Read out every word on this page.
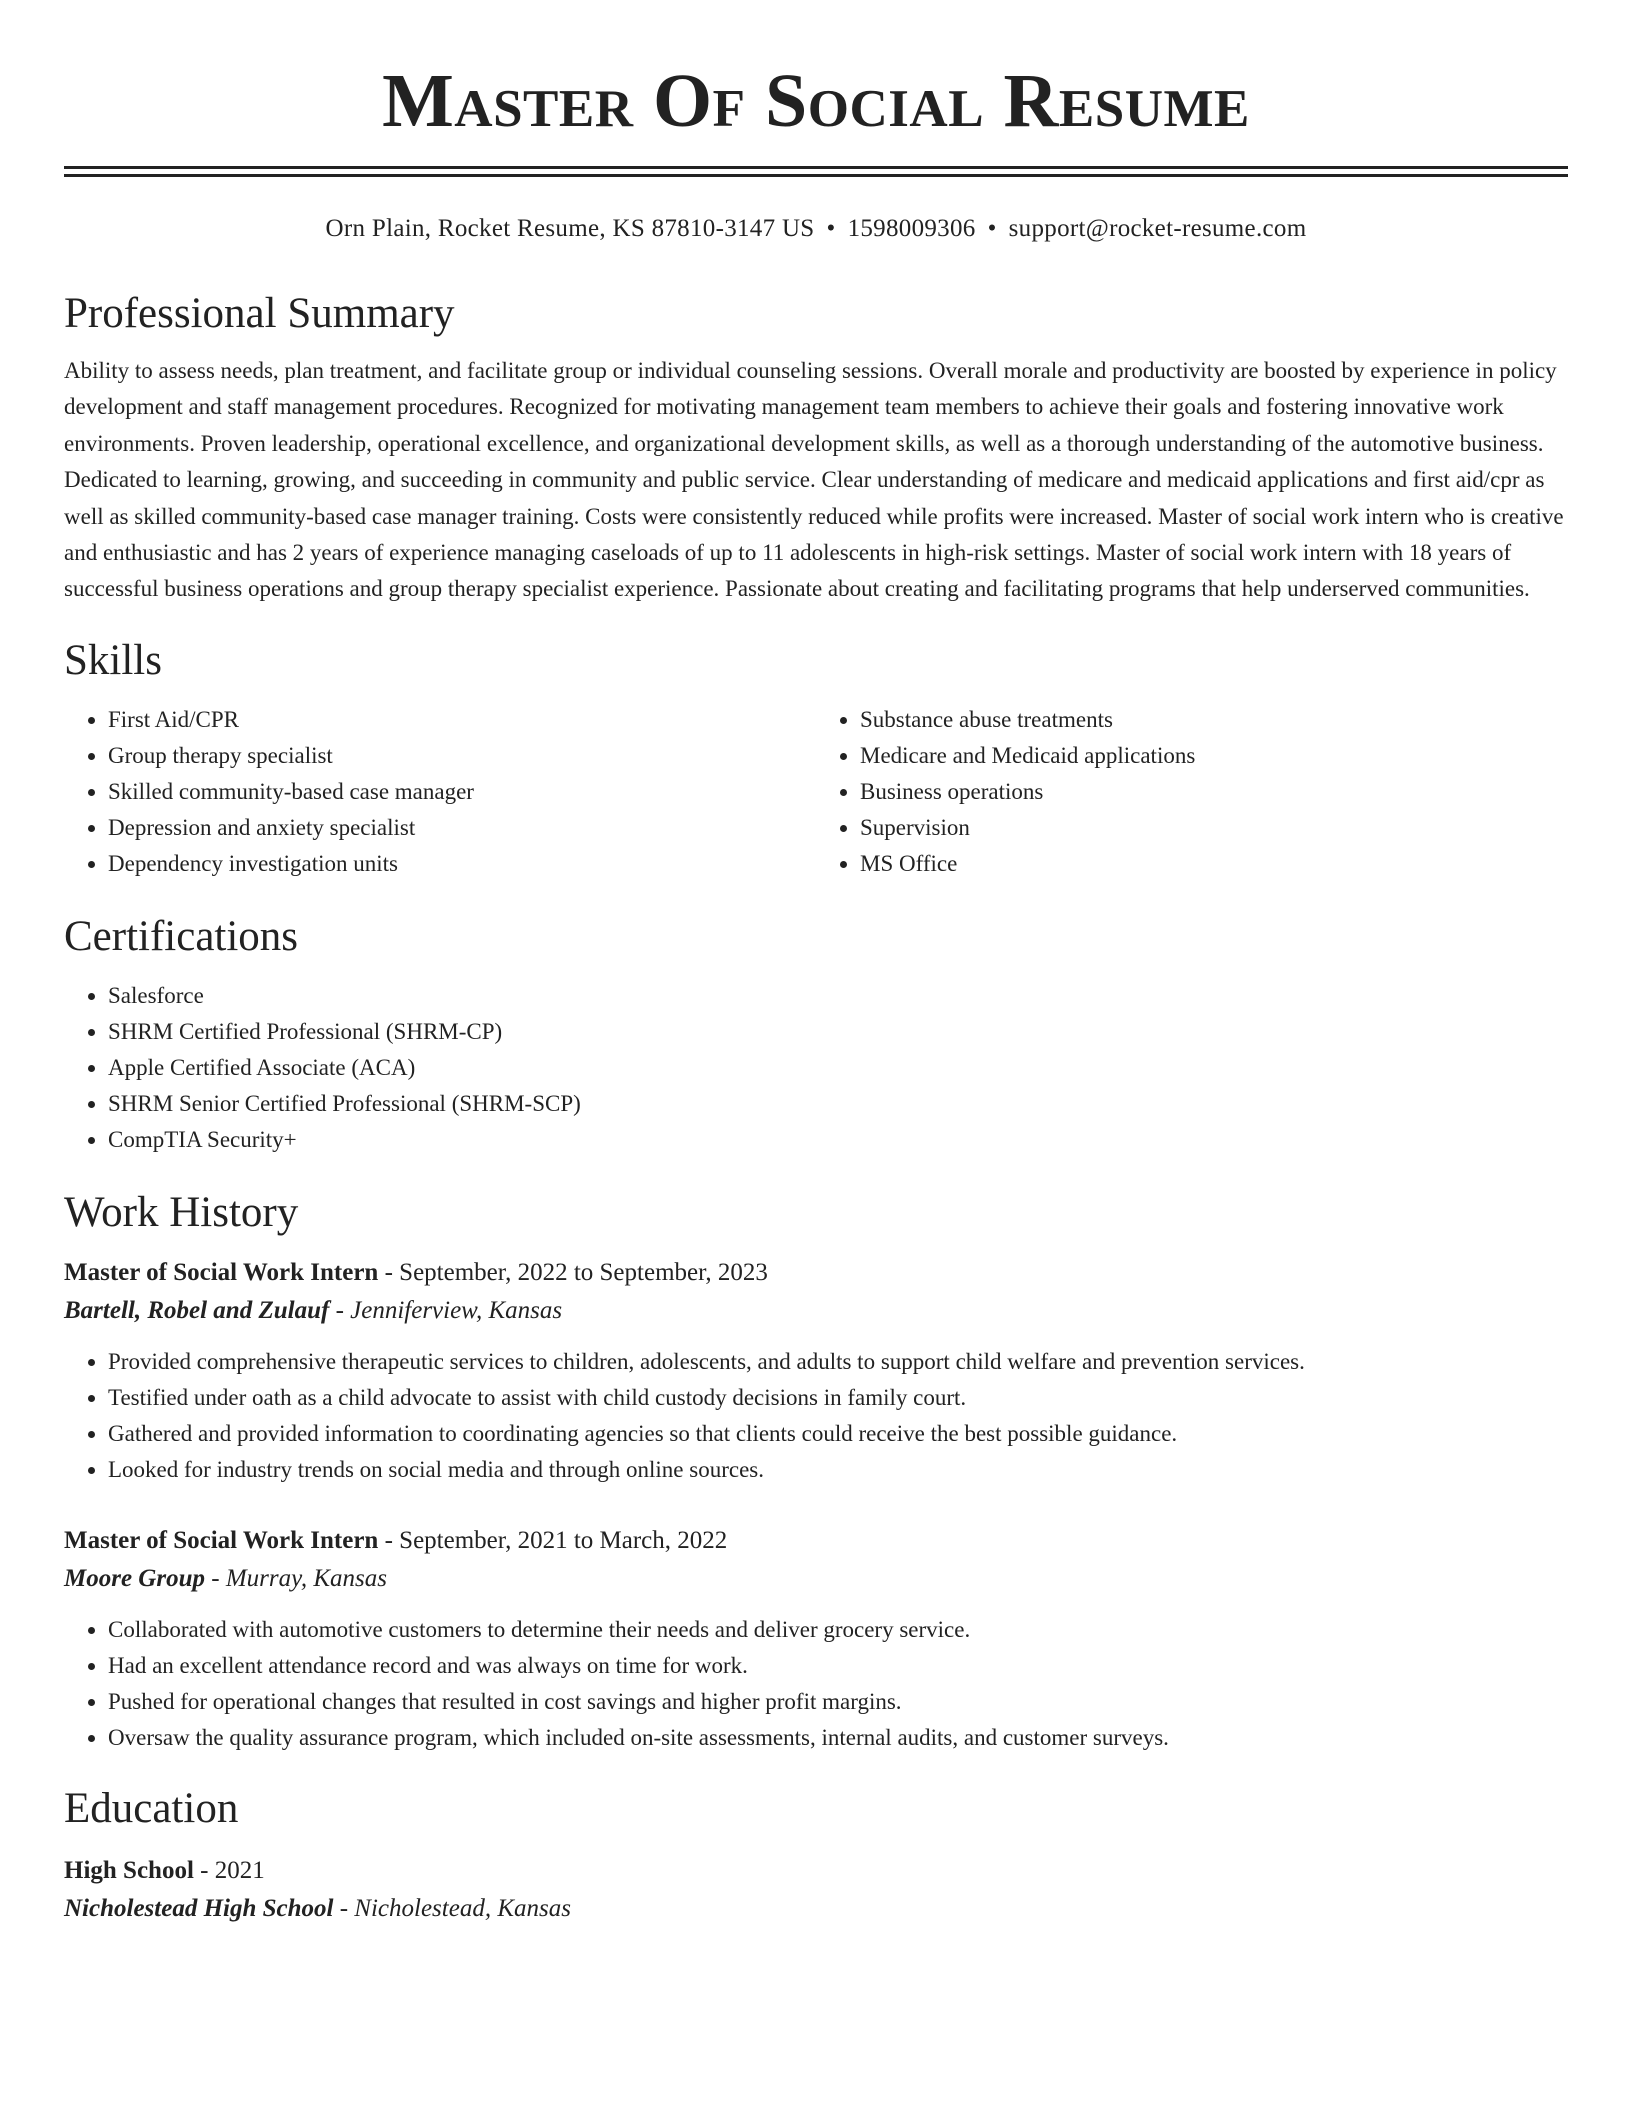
Master Of Social Resume
Orn Plain, Rocket Resume, KS 87810-3147 US • 1598009306 • support@rocket-resume.com
Professional Summary

Ability to assess needs, plan treatment, and facilitate group or individual counseling sessions. Overall morale and productivity are boosted by experience in policy development and staff management procedures. Recognized for motivating management team members to achieve their goals and fostering innovative work environments. Proven leadership, operational excellence, and organizational development skills, as well as a thorough understanding of the automotive business. Dedicated to learning, growing, and succeeding in community and public service. Clear understanding of medicare and medicaid applications and first aid/cpr as well as skilled community-based case manager training. Costs were consistently reduced while profits were increased. Master of social work intern who is creative and enthusiastic and has 2 years of experience managing caseloads of up to 11 adolescents in high-risk settings. Master of social work intern with 18 years of successful business operations and group therapy specialist experience. Passionate about creating and facilitating programs that help underserved communities.

Skills
• First Aid/CPR
• Group therapy specialist
• Skilled community-based case manager
• Depression and anxiety specialist
• Dependency investigation units
• Substance abuse treatments
• Medicare and Medicaid applications
• Business operations
• Supervision
• MS Office
Certifications
• Salesforce
• SHRM Certified Professional (SHRM-CP)
• Apple Certified Associate (ACA)
• SHRM Senior Certified Professional (SHRM-SCP)
• CompTIA Security+
Work History
Master of Social Work Intern - September, 2022 to September, 2023
Bartell, Robel and Zulauf - Jenniferview, Kansas
• Provided comprehensive therapeutic services to children, adolescents, and adults to support child welfare and prevention services.
• Testified under oath as a child advocate to assist with child custody decisions in family court.
• Gathered and provided information to coordinating agencies so that clients could receive the best possible guidance.
• Looked for industry trends on social media and through online sources.
Master of Social Work Intern - September, 2021 to March, 2022
Moore Group - Murray, Kansas
• Collaborated with automotive customers to determine their needs and deliver grocery service.
• Had an excellent attendance record and was always on time for work.
• Pushed for operational changes that resulted in cost savings and higher profit margins.
• Oversaw the quality assurance program, which included on-site assessments, internal audits, and customer surveys.
Education
High School - 2021
Nicholestead High School - Nicholestead, Kansas
